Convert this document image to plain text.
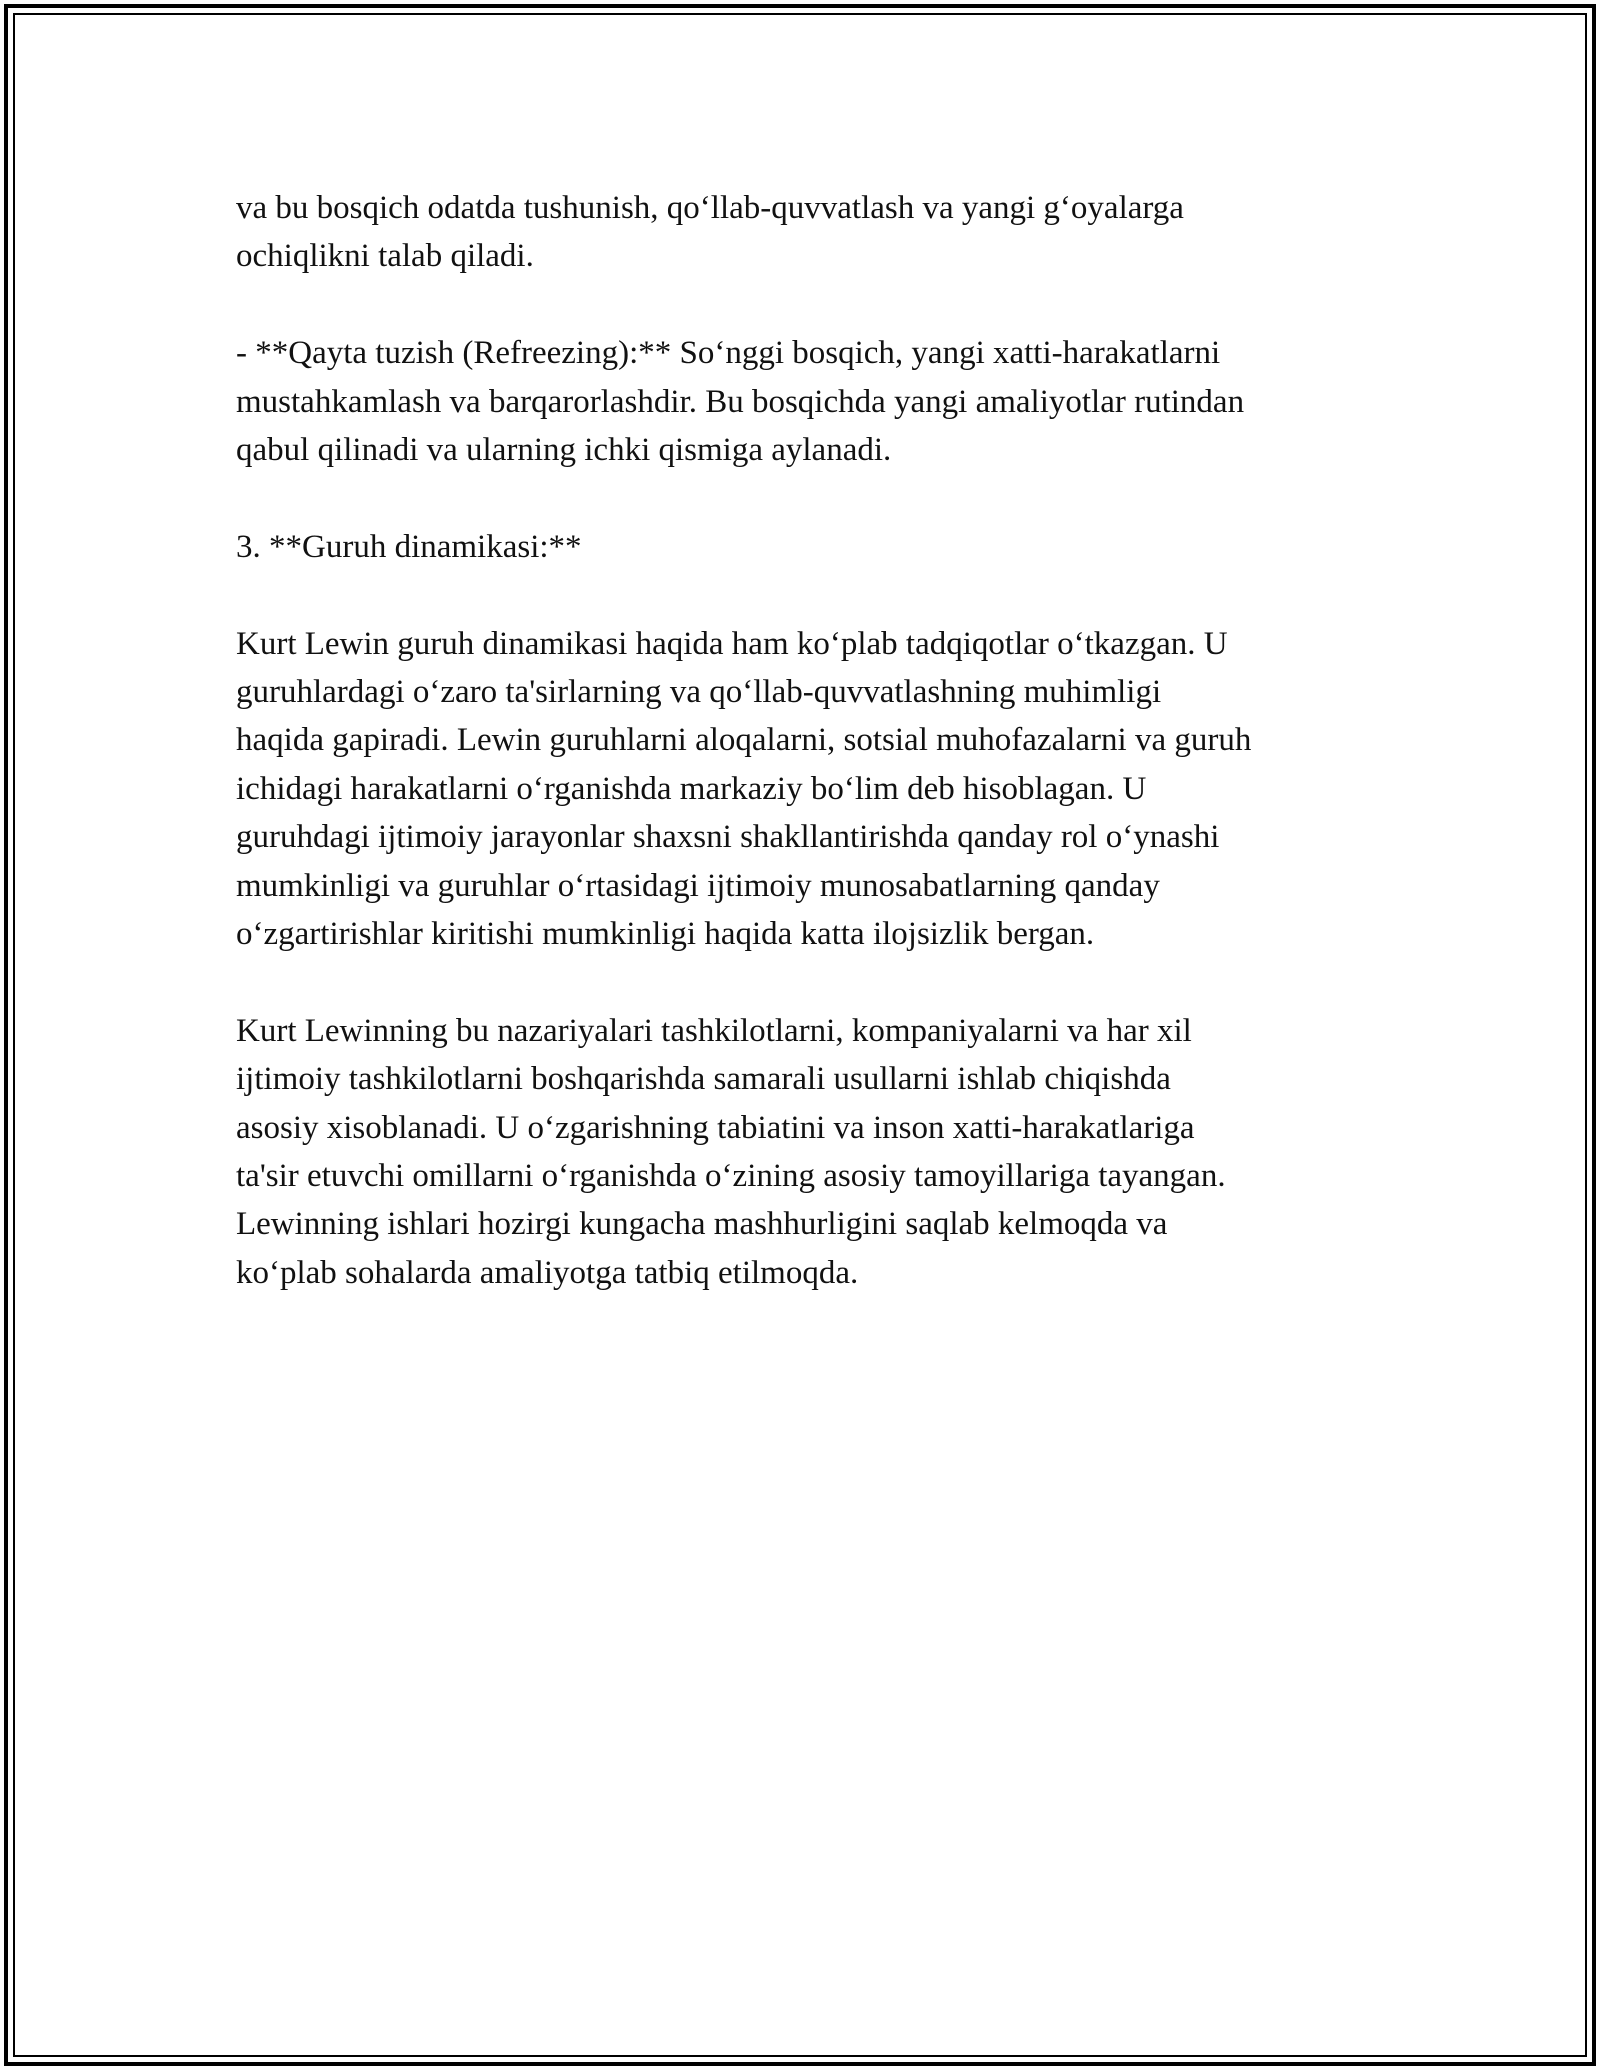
va bu bosqich odatda tushunish, qo‘llab-quvvatlash va yangi g‘oyalarga
ochiqlikni talab qiladi.

- **Qayta tuzish (Refreezing):** So‘nggi bosqich, yangi xatti-harakatlarni
mustahkamlash va barqarorlashdir. Bu bosqichda yangi amaliyotlar rutindan
qabul qilinadi va ularning ichki qismiga aylanadi.

3. **Guruh dinamikasi:**

Kurt Lewin guruh dinamikasi haqida ham ko‘plab tadqiqotlar o‘tkazgan. U
guruhlardagi o‘zaro ta'sirlarning va qo‘llab-quvvatlashning muhimligi
haqida gapiradi. Lewin guruhlarni aloqalarni, sotsial muhofazalarni va guruh
ichidagi harakatlarni o‘rganishda markaziy bo‘lim deb hisoblagan. U
guruhdagi ijtimoiy jarayonlar shaxsni shakllantirishda qanday rol o‘ynashi
mumkinligi va guruhlar o‘rtasidagi ijtimoiy munosabatlarning qanday
o‘zgartirishlar kiritishi mumkinligi haqida katta ilojsizlik bergan.

Kurt Lewinning bu nazariyalari tashkilotlarni, kompaniyalarni va har xil
ijtimoiy tashkilotlarni boshqarishda samarali usullarni ishlab chiqishda
asosiy xisoblanadi. U o‘zgarishning tabiatini va inson xatti-harakatlariga
ta'sir etuvchi omillarni o‘rganishda o‘zining asosiy tamoyillariga tayangan.
Lewinning ishlari hozirgi kungacha mashhurligini saqlab kelmoqda va
ko‘plab sohalarda amaliyotga tatbiq etilmoqda.
